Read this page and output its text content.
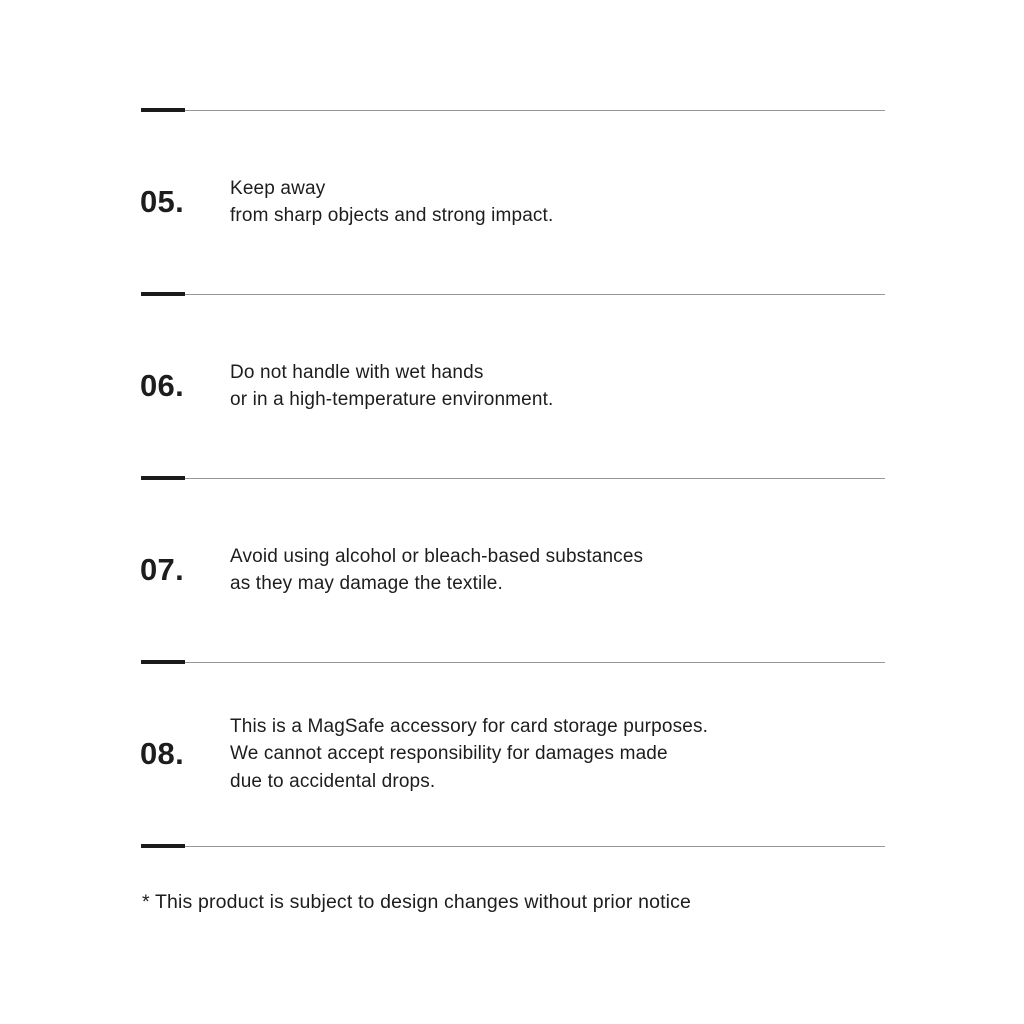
05.	Keep away
from sharp objects and strong impact.
06.	Do not handle with wet hands
or in a high-temperature environment.
07.	Avoid using alcohol or bleach-based substances
as they may damage the textile.
08.
This is a MagSafe accessory for card storage purposes.
We cannot accept responsibility for damages made
due to accidental drops.
* This product is subject to design changes without prior notice
